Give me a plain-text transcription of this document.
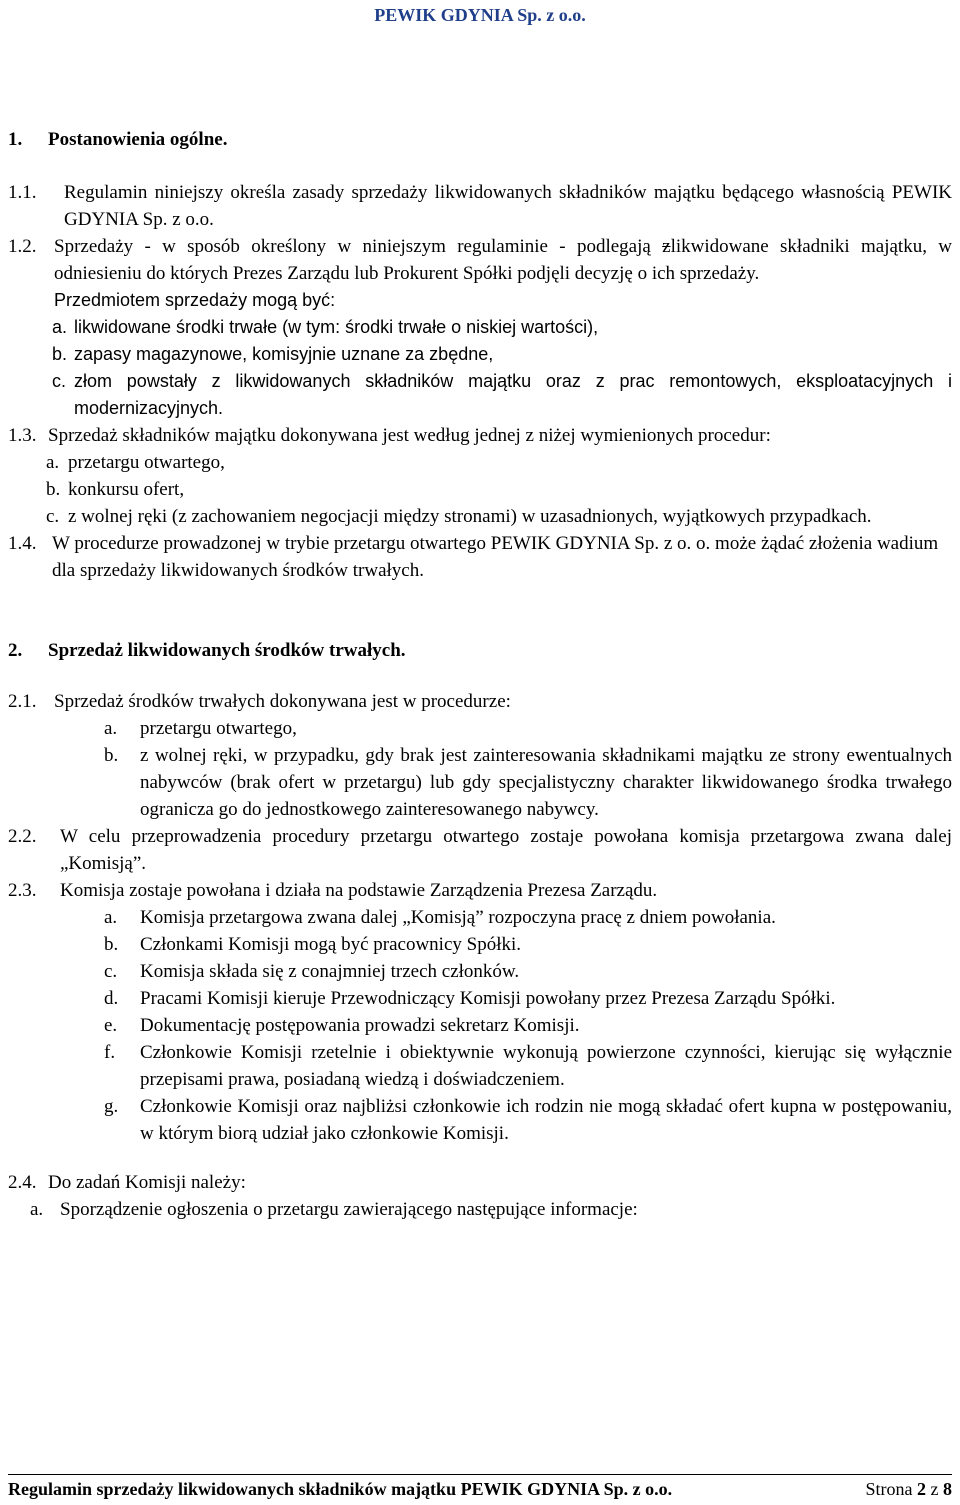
PEWIK GDYNIA Sp. z o.o.
1.	Postanowienia ogólne.
1.1.	Regulamin niniejszy określa zasady sprzedaży likwidowanych składników majątku będącego własnością PEWIK GDYNIA Sp. z o.o.
1.2. Sprzedaży - w sposób określony w niniejszym regulaminie - podlegają zlikwidowane składniki majątku, w odniesieniu do których Prezes Zarządu lub Prokurent Spółki podjęli decyzję o ich sprzedaży.
Przedmiotem sprzedaży mogą być:
a. likwidowane środki trwałe (w tym: środki trwałe o niskiej wartości),
b. zapasy magazynowe, komisyjnie uznane za zbędne,
c. złom powstały z likwidowanych składników majątku oraz z prac remontowych, eksploatacyjnych i modernizacyjnych.
1.3. Sprzedaż składników majątku dokonywana jest według jednej z niżej wymienionych procedur:
a. przetargu otwartego,
b. konkursu ofert,
c. z wolnej ręki (z zachowaniem negocjacji między stronami) w uzasadnionych, wyjątkowych przypadkach.
1.4. W procedurze prowadzonej w trybie przetargu otwartego PEWIK GDYNIA Sp. z o. o. może żądać złożenia wadium dla sprzedaży likwidowanych środków trwałych.
2.	Sprzedaż likwidowanych środków trwałych.
2.1. Sprzedaż środków trwałych dokonywana jest w procedurze:
a.	przetargu otwartego,
b.	z wolnej ręki, w przypadku, gdy brak jest zainteresowania składnikami majątku ze strony ewentualnych nabywców (brak ofert w przetargu) lub gdy specjalistyczny charakter likwidowanego środka trwałego ogranicza go do jednostkowego zainteresowanego nabywcy.
2.2.	W celu przeprowadzenia procedury przetargu otwartego zostaje powołana komisja przetargowa zwana dalej „Komisją”.
2.3.	Komisja zostaje powołana i działa na podstawie Zarządzenia Prezesa Zarządu.
a.	Komisja przetargowa zwana dalej „Komisją” rozpoczyna pracę z dniem powołania.
b.	Członkami Komisji mogą być pracownicy Spółki.
c.	Komisja składa się z conajmniej trzech członków.
d.	Pracami Komisji kieruje Przewodniczący Komisji powołany przez Prezesa Zarządu Spółki.
e.	Dokumentację postępowania prowadzi sekretarz Komisji.
f.	Członkowie Komisji rzetelnie i obiektywnie wykonują powierzone czynności, kierując się wyłącznie przepisami prawa, posiadaną wiedzą i doświadczeniem.
g.	Członkowie Komisji oraz najbliżsi członkowie ich rodzin nie mogą składać ofert kupna w postępowaniu, w którym biorą udział jako członkowie Komisji.
2.4. Do zadań Komisji należy:
a. Sporządzenie ogłoszenia o przetargu zawierającego następujące informacje:
Regulamin sprzedaży likwidowanych składników majątku PEWIK GDYNIA Sp. z o.o.	Strona 2 z 8
